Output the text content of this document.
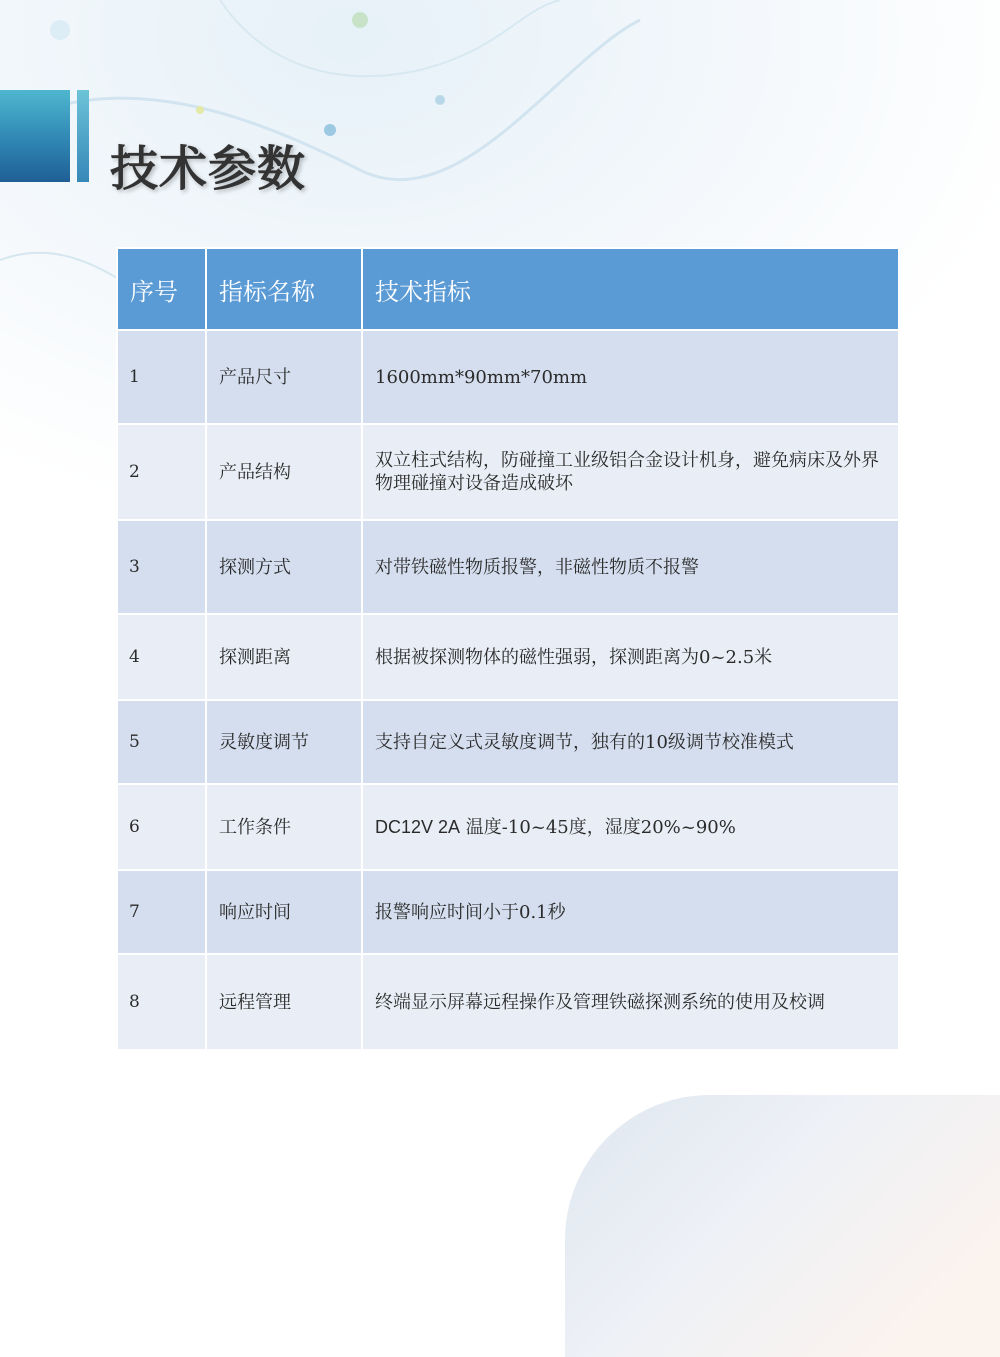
技术参数
序号	指标名称	技术指标
1	产品尺寸	1600mm*90mm*70mm
2	产品结构	双立柱式结构，防碰撞工业级铝合金设计机身，避免病床及外界物理碰撞对设备造成破坏
3	探测方式	对带铁磁性物质报警，非磁性物质不报警
4	探测距离	根据被探测物体的磁性强弱，探测距离为0~2.5米
5	灵敏度调节	支持自定义式灵敏度调节，独有的10级调节校准模式
6	工作条件	DC12V 2A 温度-10~45度，湿度20%~90%
7	响应时间	报警响应时间小于0.1秒
8	远程管理	终端显示屏幕远程操作及管理铁磁探测系统的使用及校调
